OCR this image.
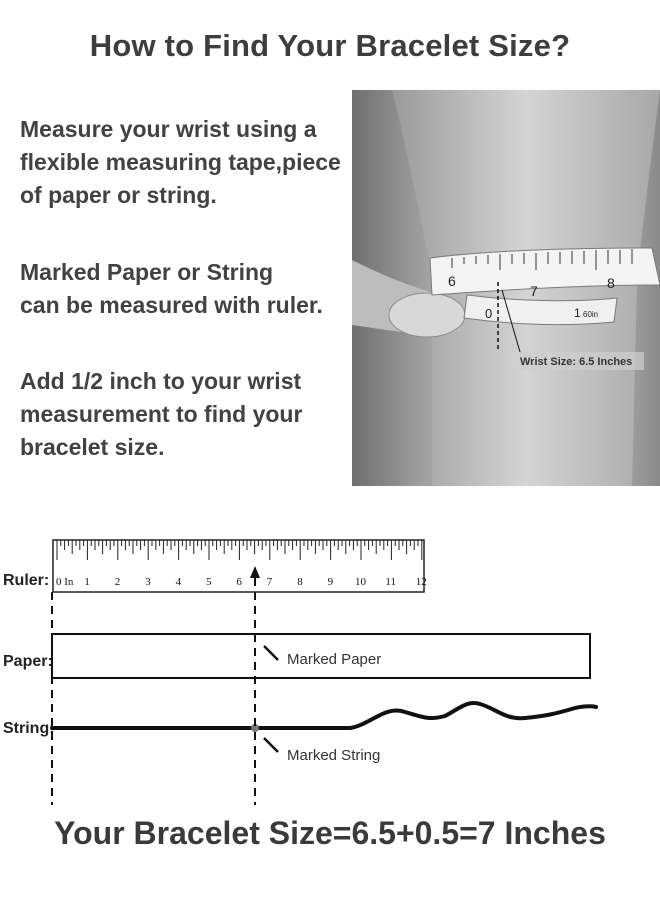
How to Find Your Bracelet Size?
Measure your wrist using a
flexible measuring tape,piece
of paper or string.
Marked Paper or String
can be measured with ruler.
Add 1/2 inch to your wrist
measurement to find your
bracelet size.
6
7	8
0	1 60in
Wrist Size: 6.5 Inches
0 In 1 2 3 4 5 6 7 8 9 10 11 12
Ruler:
Paper:
String:
Marked Paper
Marked String
Your Bracelet Size=6.5+0.5=7 Inches
